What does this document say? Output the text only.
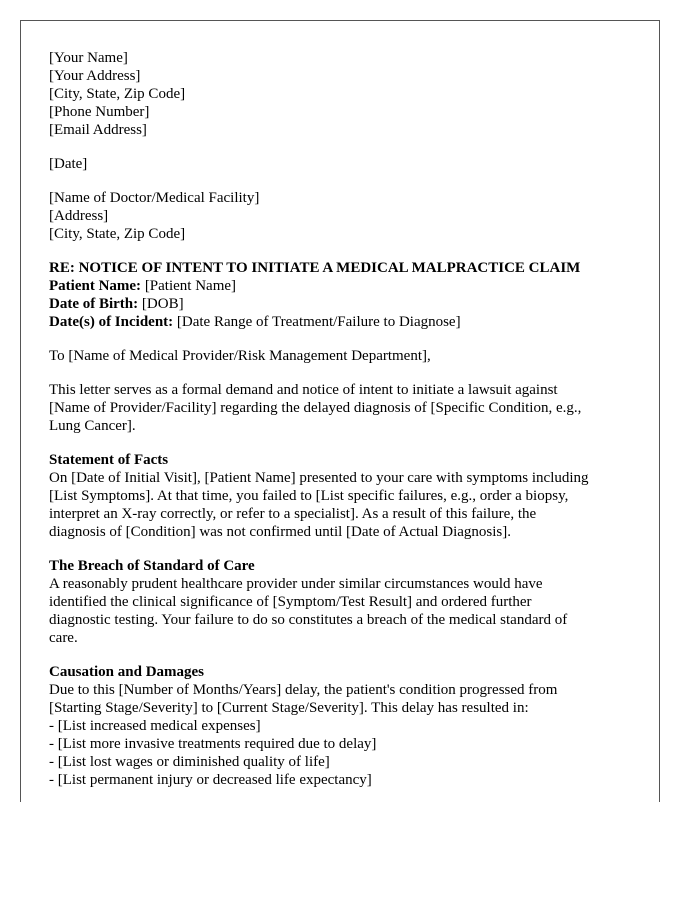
[Your Name]
[Your Address]
[City, State, Zip Code]
[Phone Number]
[Email Address]
[Date]
[Name of Doctor/Medical Facility]
[Address]
[City, State, Zip Code]
RE: NOTICE OF INTENT TO INITIATE A MEDICAL MALPRACTICE CLAIM
Patient Name: [Patient Name]
Date of Birth: [DOB]
Date(s) of Incident: [Date Range of Treatment/Failure to Diagnose]
To [Name of Medical Provider/Risk Management Department],
This letter serves as a formal demand and notice of intent to initiate a lawsuit against
[Name of Provider/Facility] regarding the delayed diagnosis of [Specific Condition, e.g.,
Lung Cancer].
Statement of Facts
On [Date of Initial Visit], [Patient Name] presented to your care with symptoms including
[List Symptoms]. At that time, you failed to [List specific failures, e.g., order a biopsy,
interpret an X-ray correctly, or refer to a specialist]. As a result of this failure, the
diagnosis of [Condition] was not confirmed until [Date of Actual Diagnosis].
The Breach of Standard of Care
A reasonably prudent healthcare provider under similar circumstances would have
identified the clinical significance of [Symptom/Test Result] and ordered further
diagnostic testing. Your failure to do so constitutes a breach of the medical standard of
care.
Causation and Damages
Due to this [Number of Months/Years] delay, the patient's condition progressed from
[Starting Stage/Severity] to [Current Stage/Severity]. This delay has resulted in:
- [List increased medical expenses]
- [List more invasive treatments required due to delay]
- [List lost wages or diminished quality of life]
- [List permanent injury or decreased life expectancy]
